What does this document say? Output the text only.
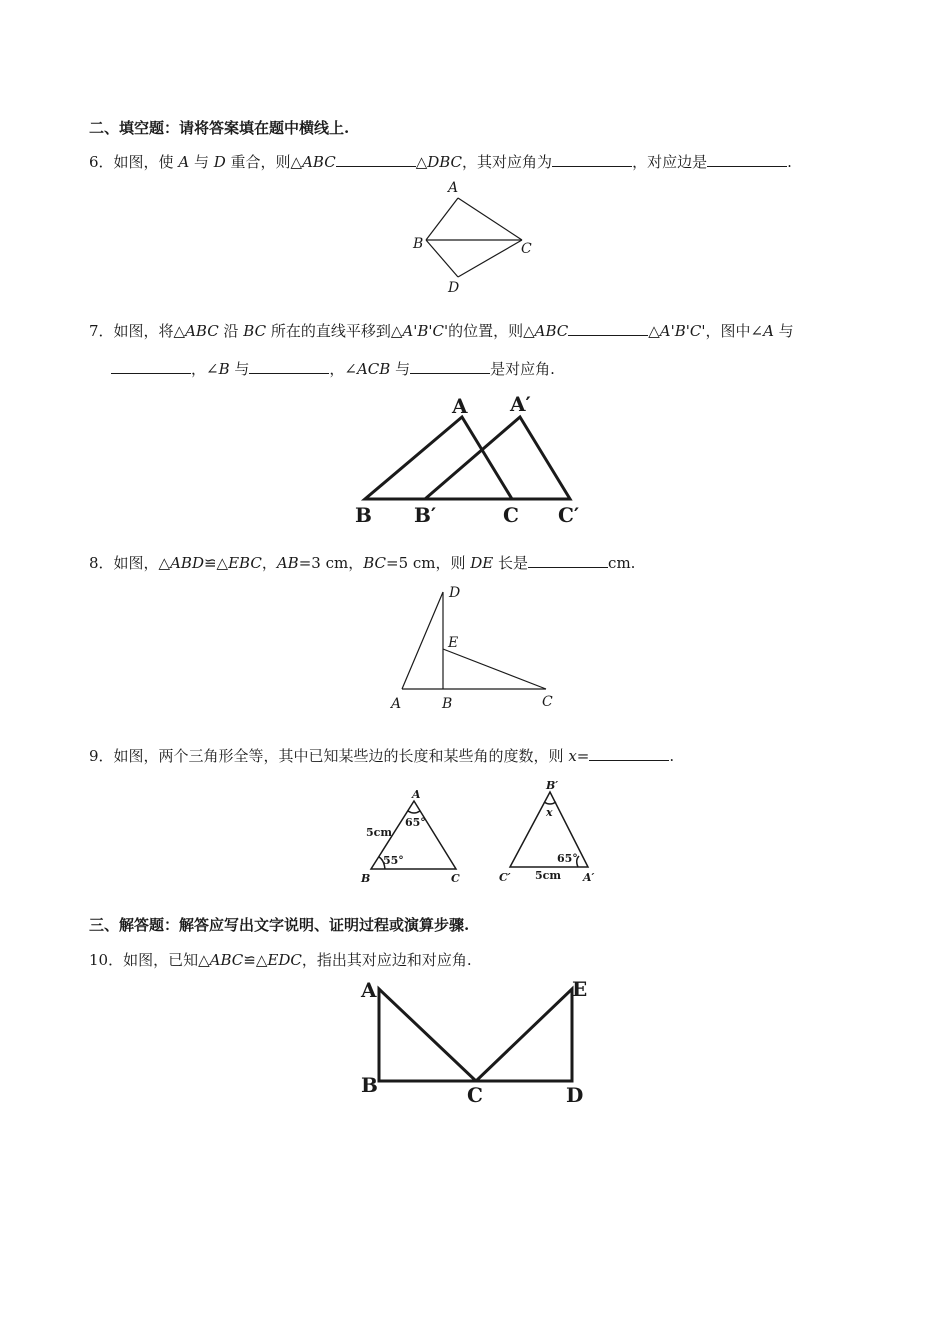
二、填空题：请将答案填在题中横线上.
6．如图，使 A 与 D 重合，则△ABC	△DBC，其对应角为	，对应边是	.
A
B	C
D
7．如图，将△ABC 沿 BC 所在的直线平移到△A'B'C'的位置，则△ABC	△A'B'C'，图中∠A 与
，∠B 与	，∠ACB 与	是对应角.
A A′
B B′	C C′
8．如图，△ABD≌△EBC，AB=3 cm，BC=5 cm，则 DE 长是	cm.
D
E
A	B	C
9．如图，两个三角形全等，其中已知某些边的长度和某些角的度数，则 x=	.
A
65°
5cm
55°
B	C
B′
x
65°
C′ 5cm A′
三、解答题：解答应写出文字说明、证明过程或演算步骤.
10．如图，已知△ABC≌△EDC，指出其对应边和对应角.
A
B	C	D
E
